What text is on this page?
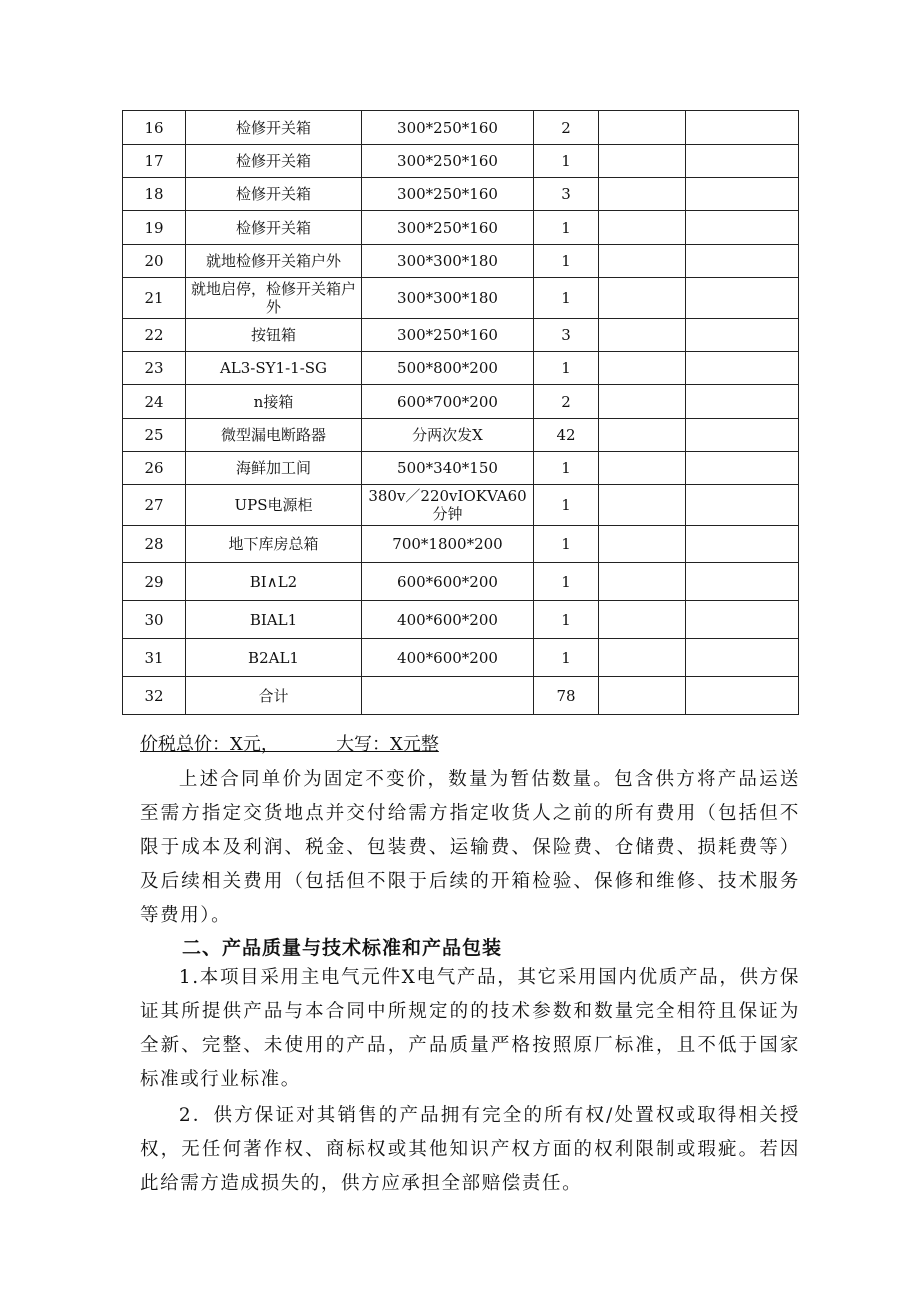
16	检修开关箱	300*250*160	2		
17	检修开关箱	300*250*160	1		
18	检修开关箱	300*250*160	3		
19	检修开关箱	300*250*160	1		
20	就地检修开关箱户外	300*300*180	1		
21	就地启停，检修开关箱户外	300*300*180	1		
22	按钮箱	300*250*160	3		
23	AL3-SY1-1-SG	500*800*200	1		
24	n接箱	600*700*200	2		
25	微型漏电断路器	分两次发X	42		
26	海鲜加工间	500*340*150	1		
27	UPS电源柜	380v／220vIOKVA60分钟	1		
28	地下库房总箱	700*1800*200	1		
29	BI∧L2	600*600*200	1		
30	BIAL1	400*600*200	1		
31	B2AL1	400*600*200	1		
32	合计		78		
价税总价：X元，          大写：X元整

上述合同单价为固定不变价，数量为暂估数量。包含供方将产品运送至需方指定交货地点并交付给需方指定收货人之前的所有费用（包括但不限于成本及利润、税金、包装费、运输费、保险费、仓储费、损耗费等）及后续相关费用（包括但不限于后续的开箱检验、保修和维修、技术服务等费用）。

二、产品质量与技术标准和产品包装

1.本项目采用主电气元件X电气产品，其它采用国内优质产品，供方保证其所提供产品与本合同中所规定的的技术参数和数量完全相符且保证为全新、完整、未使用的产品，产品质量严格按照原厂标准，且不低于国家标准或行业标准。

2．供方保证对其销售的产品拥有完全的所有权/处置权或取得相关授权，无任何著作权、商标权或其他知识产权方面的权利限制或瑕疵。若因此给需方造成损失的，供方应承担全部赔偿责任。
